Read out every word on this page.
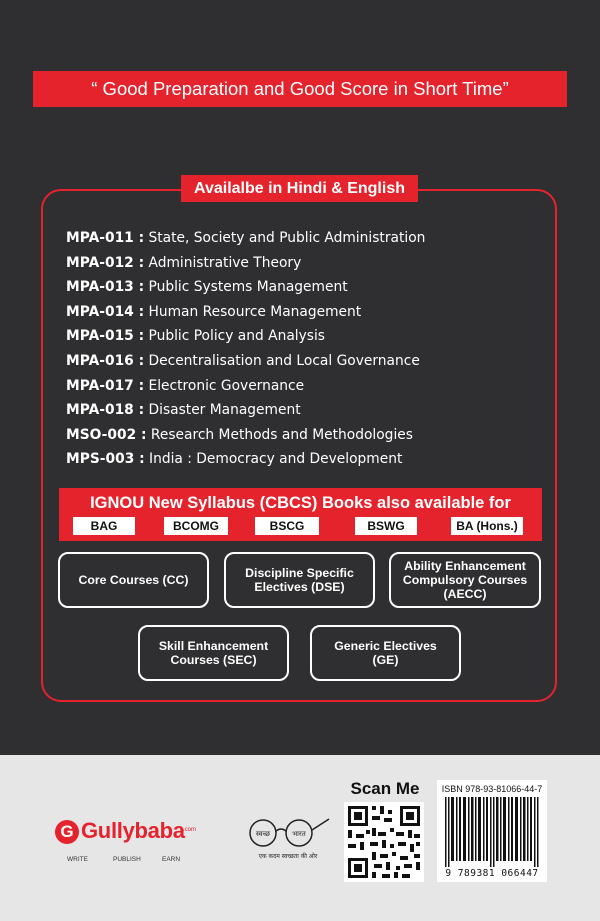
“ Good Preparation and Good Score in Short Time”
Availalbe in Hindi & English
MPA-011 : State, Society and Public Administration
MPA-012 : Administrative Theory
MPA-013 : Public Systems Management
MPA-014 : Human Resource Management
MPA-015 : Public Policy and Analysis
MPA-016 : Decentralisation and Local Governance
MPA-017 : Electronic Governance
MPA-018 : Disaster Management
MSO-002 : Research Methods and Methodologies
MPS-003 : India : Democracy and Development
IGNOU New Syllabus (CBCS) Books also available for
BAG	BCOMG	BSCG	BSWG	BA (Hons.)
Core Courses (CC)	Discipline Specific
Electives (DSE)
Ability Enhancement
Compulsory Courses
(AECC)
Skill Enhancement
Courses (SEC)
Generic Electives
(GE)
G Gullybaba
.com
WRITE	PUBLISH	EARN
स्वच्छ	भारत
एक कदम स्वच्छता की ओर
Scan Me	ISBN 978-93-81066-44-7
9 789381 066447
